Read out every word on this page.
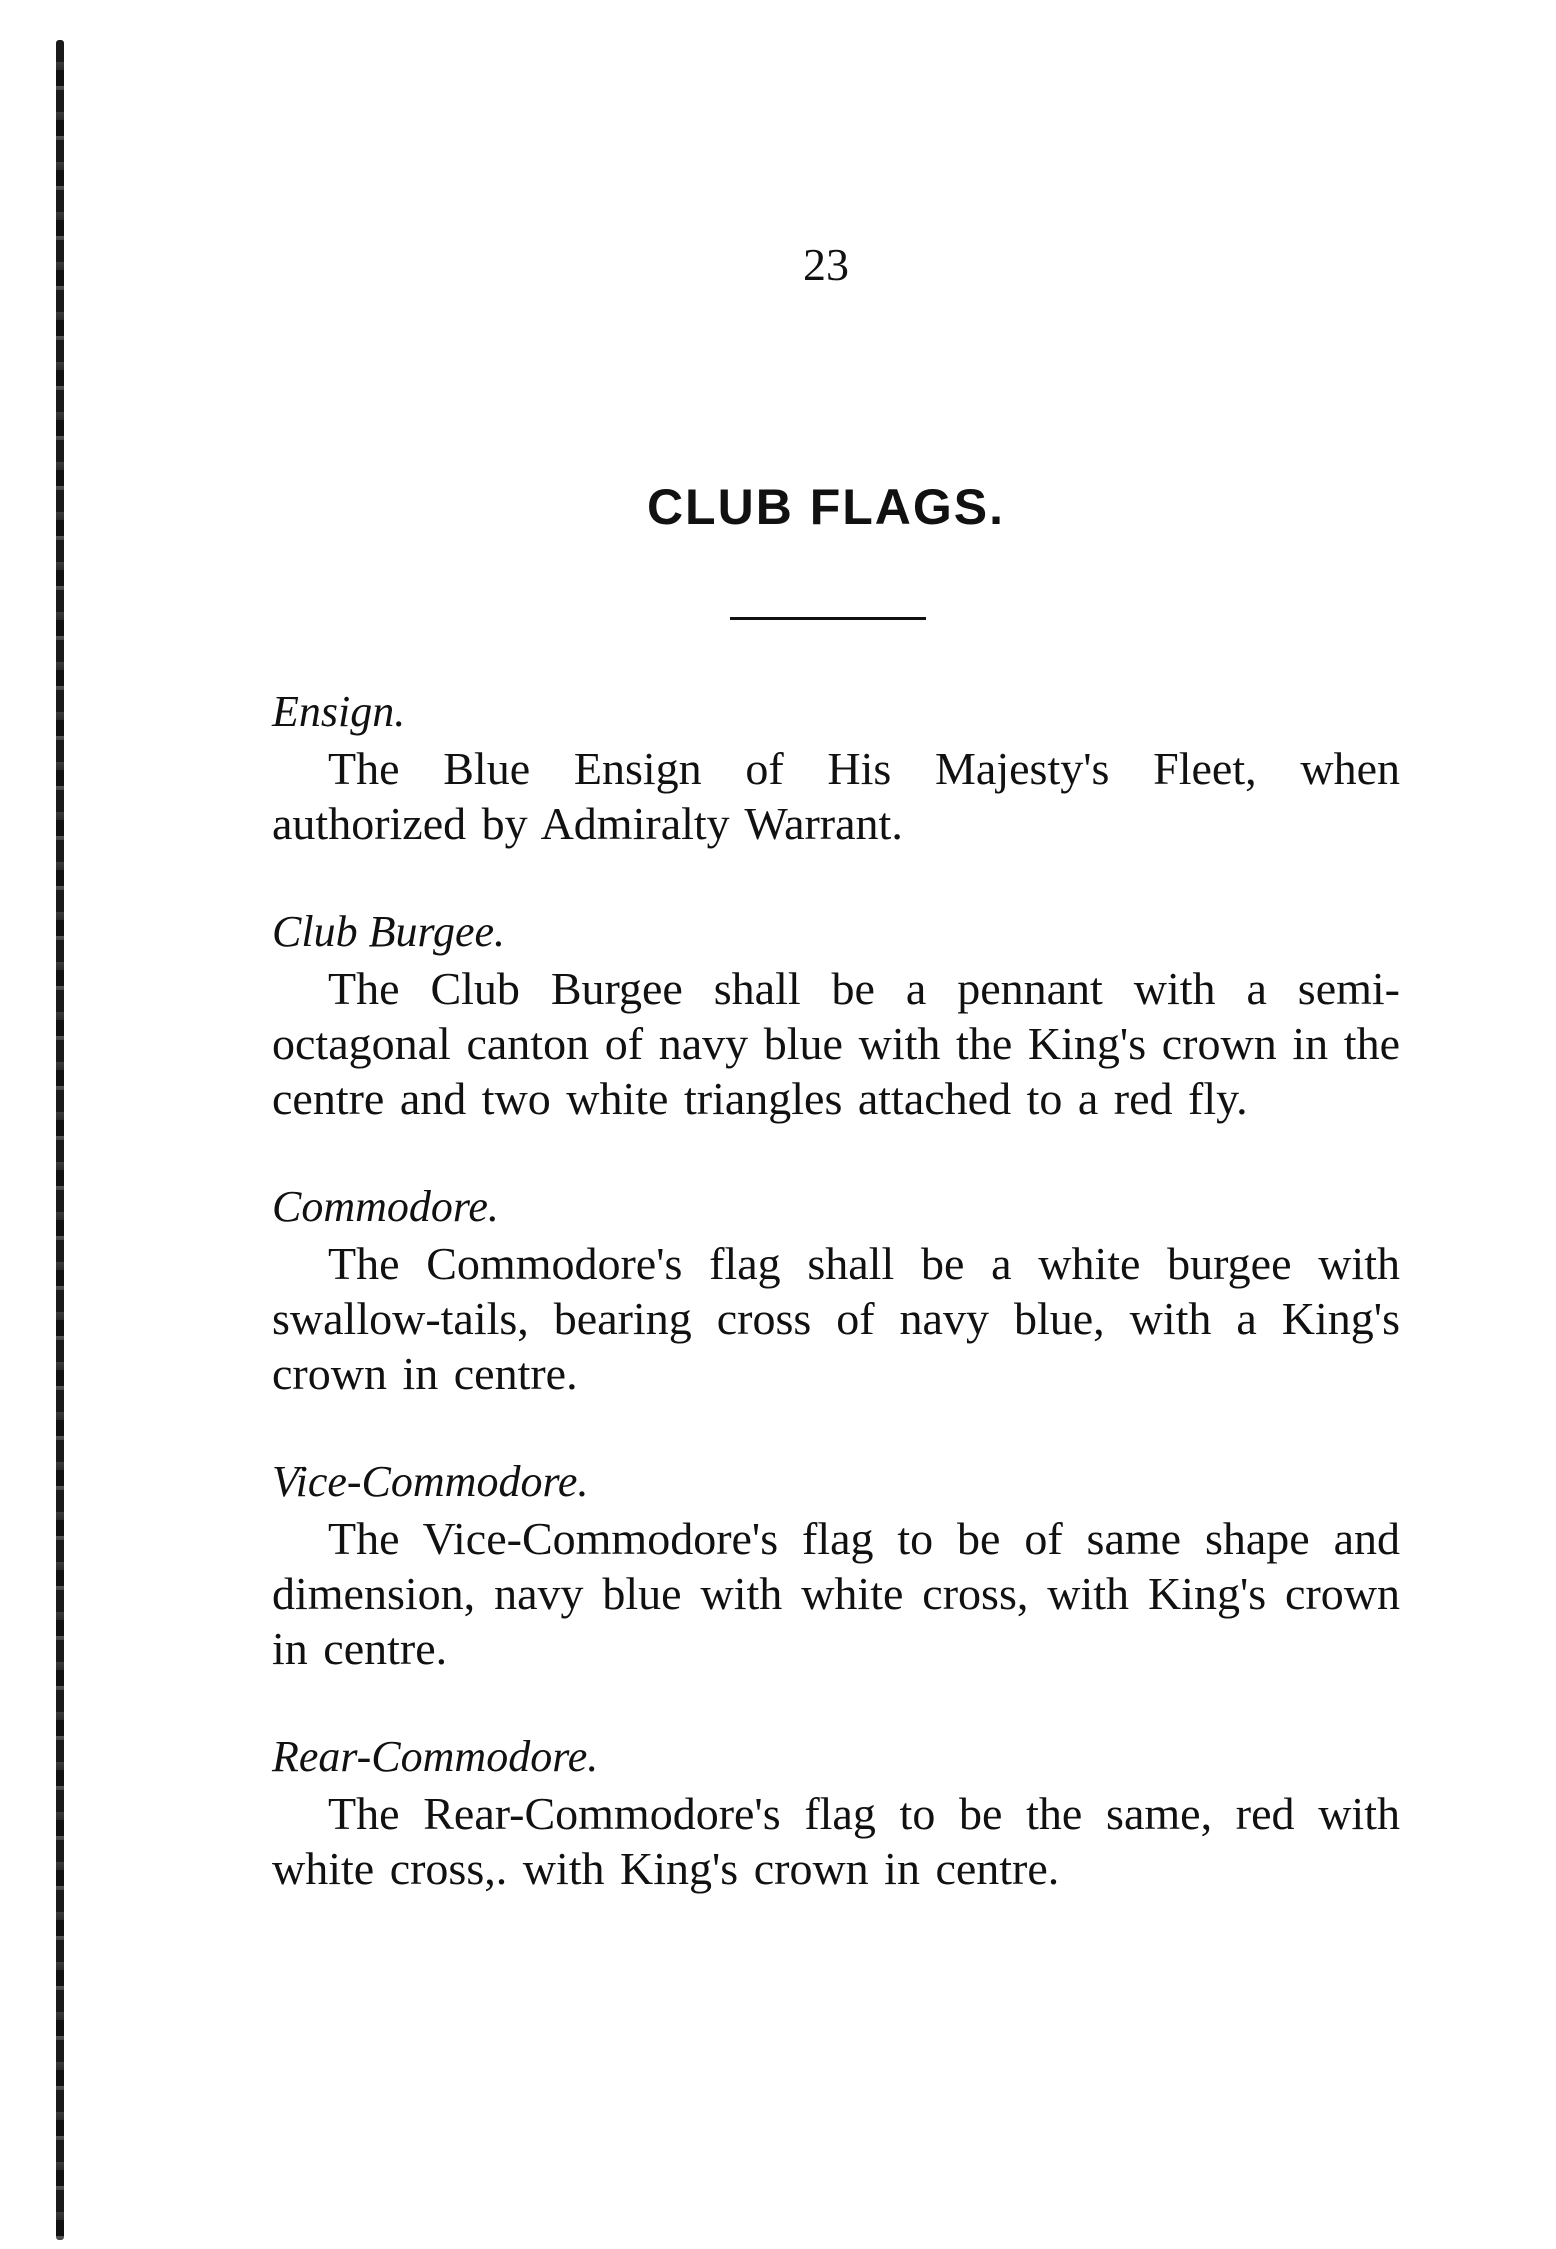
23
CLUB FLAGS.
Ensign.

The Blue Ensign of His Majesty's Fleet, when authorized by Admiralty Warrant.

Club Burgee.

The Club Burgee shall be a pennant with a semi-octagonal canton of navy blue with the King's crown in the centre and two white triangles attached to a red fly.

Commodore.

The Commodore's flag shall be a white burgee with swallow-tails, bearing cross of navy blue, with a King's crown in centre.

Vice-Commodore.

The Vice-Commodore's flag to be of same shape and dimension, navy blue with white cross, with King's crown in centre.

Rear-Commodore.

The Rear-Commodore's flag to be the same, red with white cross,. with King's crown in centre.
